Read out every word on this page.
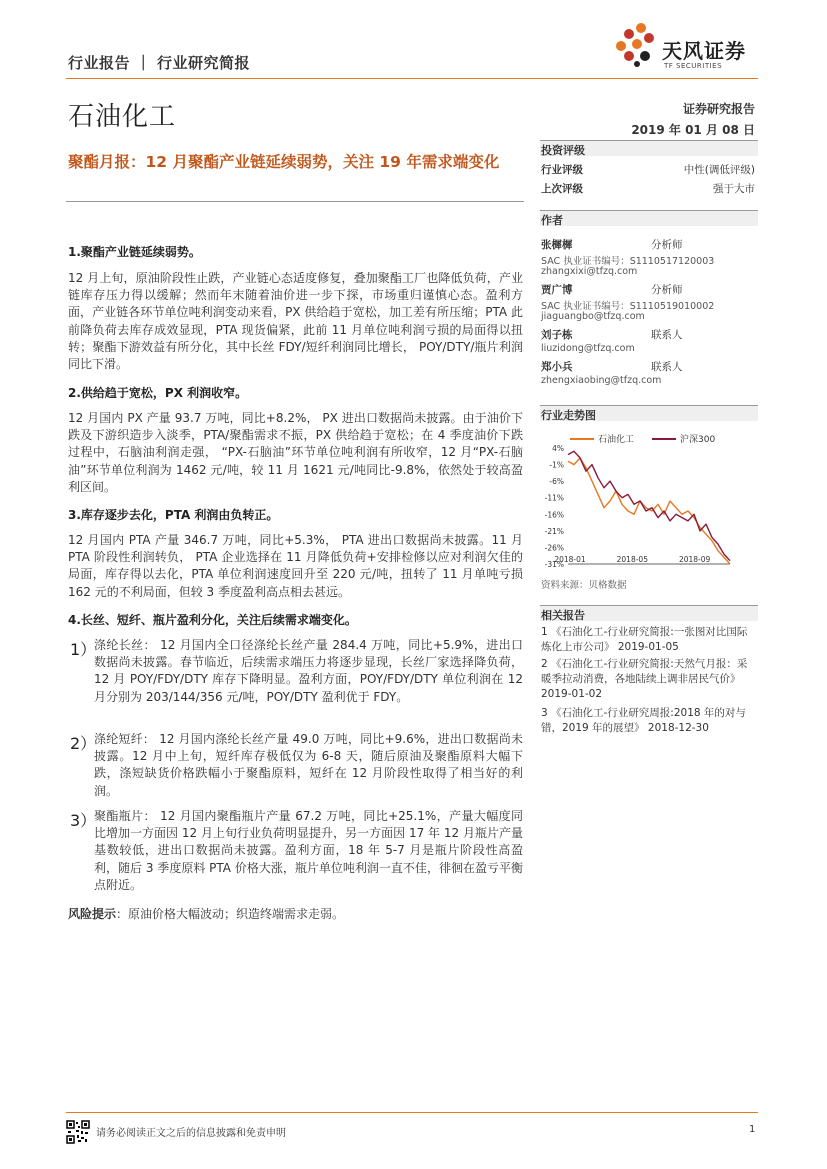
行业报告 ｜ 行业研究简报	天风证券
TF SECURITIES
石油化工	证券研究报告
2019 年 01 月 08 日
聚酯月报：12 月聚酯产业链延续弱势，关注 19 年需求端变化
1.聚酯产业链延续弱势。
12 月上旬，原油阶段性止跌，产业链心态适度修复，叠加聚酯工厂也降低负荷，产业链库存压力得以缓解；然而年末随着油价进一步下探，市场重归谨慎心态。盈利方面，产业链各环节单位吨利润变动来看，PX 供给趋于宽松，加工差有所压缩；PTA 此前降负荷去库存成效显现，PTA 现货偏紧，此前 11 月单位吨利润亏损的局面得以扭转；聚酯下游效益有所分化，其中长丝 FDY/短纤利润同比增长， POY/DTY/瓶片利润同比下滑。
2.供给趋于宽松，PX 利润收窄。
12 月国内 PX 产量 93.7 万吨，同比+8.2%， PX 进出口数据尚未披露。由于油价下跌及下游织造步入淡季，PTA/聚酯需求不振，PX 供给趋于宽松；在 4 季度油价下跌过程中，石脑油利润走强， “PX-石脑油”环节单位吨利润有所收窄，12 月“PX-石脑油”环节单位利润为 1462 元/吨，较 11 月 1621 元/吨同比-9.8%，依然处于较高盈利区间。
3.库存逐步去化，PTA 利润由负转正。
12 月国内 PTA 产量 346.7 万吨，同比+5.3%， PTA 进出口数据尚未披露。11 月 PTA 阶段性利润转负， PTA 企业选择在 11 月降低负荷+安排检修以应对利润欠佳的局面，库存得以去化，PTA 单位利润速度回升至 220 元/吨，扭转了 11 月单吨亏损 162 元的不利局面，但较 3 季度盈利高点相去甚远。
4.长丝、短纤、瓶片盈利分化，关注后续需求端变化。
1）
涤纶长丝： 12 月国内全口径涤纶长丝产量 284.4 万吨，同比+5.9%，进出口数据尚未披露。春节临近，后续需求端压力将逐步显现，长丝厂家选择降负荷， 12 月 POY/FDY/DTY 库存下降明显。盈利方面，POY/FDY/DTY 单位利润在 12 月分别为 203/144/356 元/吨，POY/DTY 盈利优于 FDY。
2）
涤纶短纤： 12 月国内涤纶长丝产量 49.0 万吨，同比+9.6%，进出口数据尚未披露。12 月中上旬，短纤库存极低仅为 6-8 天，随后原油及聚酯原料大幅下跌，涤短缺货价格跌幅小于聚酯原料，短纤在 12 月阶段性取得了相当好的利润。
3）
聚酯瓶片： 12 月国内聚酯瓶片产量 67.2 万吨，同比+25.1%，产量大幅度同比增加一方面因 12 月上旬行业负荷明显提升，另一方面因 17 年 12 月瓶片产量基数较低，进出口数据尚未披露。盈利方面，18 年 5-7 月是瓶片阶段性高盈利，随后 3 季度原料 PTA 价格大涨，瓶片单位吨利润一直不佳，徘徊在盈亏平衡点附近。
风险提示：原油价格大幅波动；织造终端需求走弱。
投资评级
行业评级	中性(调低评级)
上次评级	强于大市
作者
张樨樨	分析师
SAC 执业证书编号：S1110517120003
zhangxixi@tfzq.com
贾广博	分析师
SAC 执业证书编号：S1110519010002
jiaguangbo@tfzq.com
刘子栋	联系人
liuzidong@tfzq.com
郑小兵	联系人
zhengxiaobing@tfzq.com
行业走势图
石油化工	沪深300
-31%
-26%
-21%
-16%
-11%
-6%
-1%
4%
2018-01	2018-05	2018-09
资料来源：贝格数据
相关报告
1 《石油化工-行业研究简报:一张图对比国际炼化上市公司》 2019-01-05
2 《石油化工-行业研究简报:天然气月报：采暖季拉动消费，各地陆续上调非居民气价》 2019-01-02
3 《石油化工-行业研究周报:2018 年的对与错，2019 年的展望》 2018-12-30
请务必阅读正文之后的信息披露和免责申明	1
